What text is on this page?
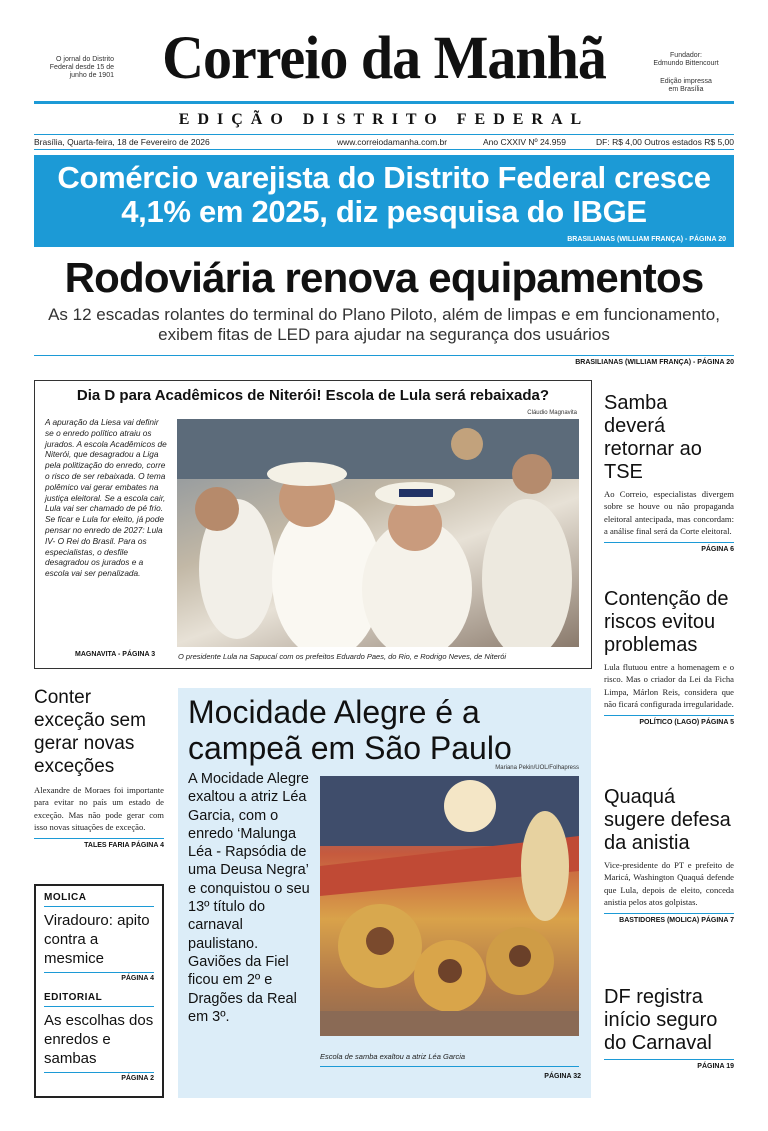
O jornal do Distrito Federal desde 15 de junho de 1901 Correio da Manhã	Fundador:
Edmundo Bittencourt
Edição impressa
em Brasília
EDIÇÃO DISTRITO FEDERAL
Brasília, Quarta-feira, 18 de Fevereiro de 2026	www.correiodamanha.com.br	Ano CXXIV Nº 24.959	DF: R$ 4,00 Outros estados R$ 5,00
Comércio varejista do Distrito Federal cresce 4,1% em 2025, diz pesquisa do IBGE
BRASILIANAS (WILLIAM FRANÇA) - PÁGINA 20
Rodoviária renova equipamentos
As 12 escadas rolantes do terminal do Plano Piloto, além de limpas e em funcionamento, exibem fitas de LED para ajudar na segurança dos usuários
BRASILIANAS (WILLIAM FRANÇA) - PÁGINA 20
Dia D para Acadêmicos de Niterói! Escola de Lula será rebaixada?
Cláudio Magnavita
A apuração da Liesa vai definir se o enredo político atraiu os jurados. A escola Acadêmicos de Niterói, que desagradou a Liga pela politização do enredo, corre o risco de ser rebaixada. O tema polêmico vai gerar embates na justiça eleitoral. Se a escola cair, Lula vai ser chamado de pé frio. Se ficar e Lula for eleito, já pode pensar no enredo de 2027: Lula IV- O Rei do Brasil. Para os especialistas, o desfile desagradou os jurados e a escola vai ser penalizada.
MAGNAVITA - PÁGINA 3	O presidente Lula na Sapucaí com os prefeitos Eduardo Paes, do Rio, e Rodrigo Neves, de Niterói
Samba deverá retornar ao TSE
Ao Correio, especialistas divergem sobre se houve ou não propaganda eleitoral antecipada, mas concordam: a análise final será da Corte eleitoral.
PÁGINA 6
Contenção de riscos evitou problemas
Lula flutuou entre a homenagem e o risco. Mas o criador da Lei da Ficha Limpa, Márlon Reis, considera que não ficará configurada irregularidade.
POLÍTICO (LAGO) PÁGINA 5
Quaquá sugere defesa da anistia
Vice-presidente do PT e prefeito de Maricá, Washington Quaquá defende que Lula, depois de eleito, conceda anistia pelos atos golpistas.
BASTIDORES (MOLICA) PÁGINA 7
DF registra início seguro do Carnaval
PÁGINA 19
Conter exceção sem gerar novas exceções
Alexandre de Moraes foi importante para evitar no país um estado de exceção. Mas não pode gerar com isso novas situações de exceção.
TALES FARIA PÁGINA 4
MOLICA
Viradouro: apito contra a mesmice
PÁGINA 4
EDITORIAL
As escolhas dos enredos e sambas
PÁGINA 2
Mocidade Alegre é a campeã em São Paulo
Mariana Pekin/UOL/Folhapress
A Mocidade Alegre exaltou a atriz Léa Garcia, com o enredo ‘Malunga Léa - Rapsódia de uma Deusa Negra’ e conquistou o seu 13º título do carnaval paulistano. Gaviões da Fiel ficou em 2º e Dragões da Real em 3º.
Escola de samba exaltou a atriz Léa Garcia
PÁGINA 32
